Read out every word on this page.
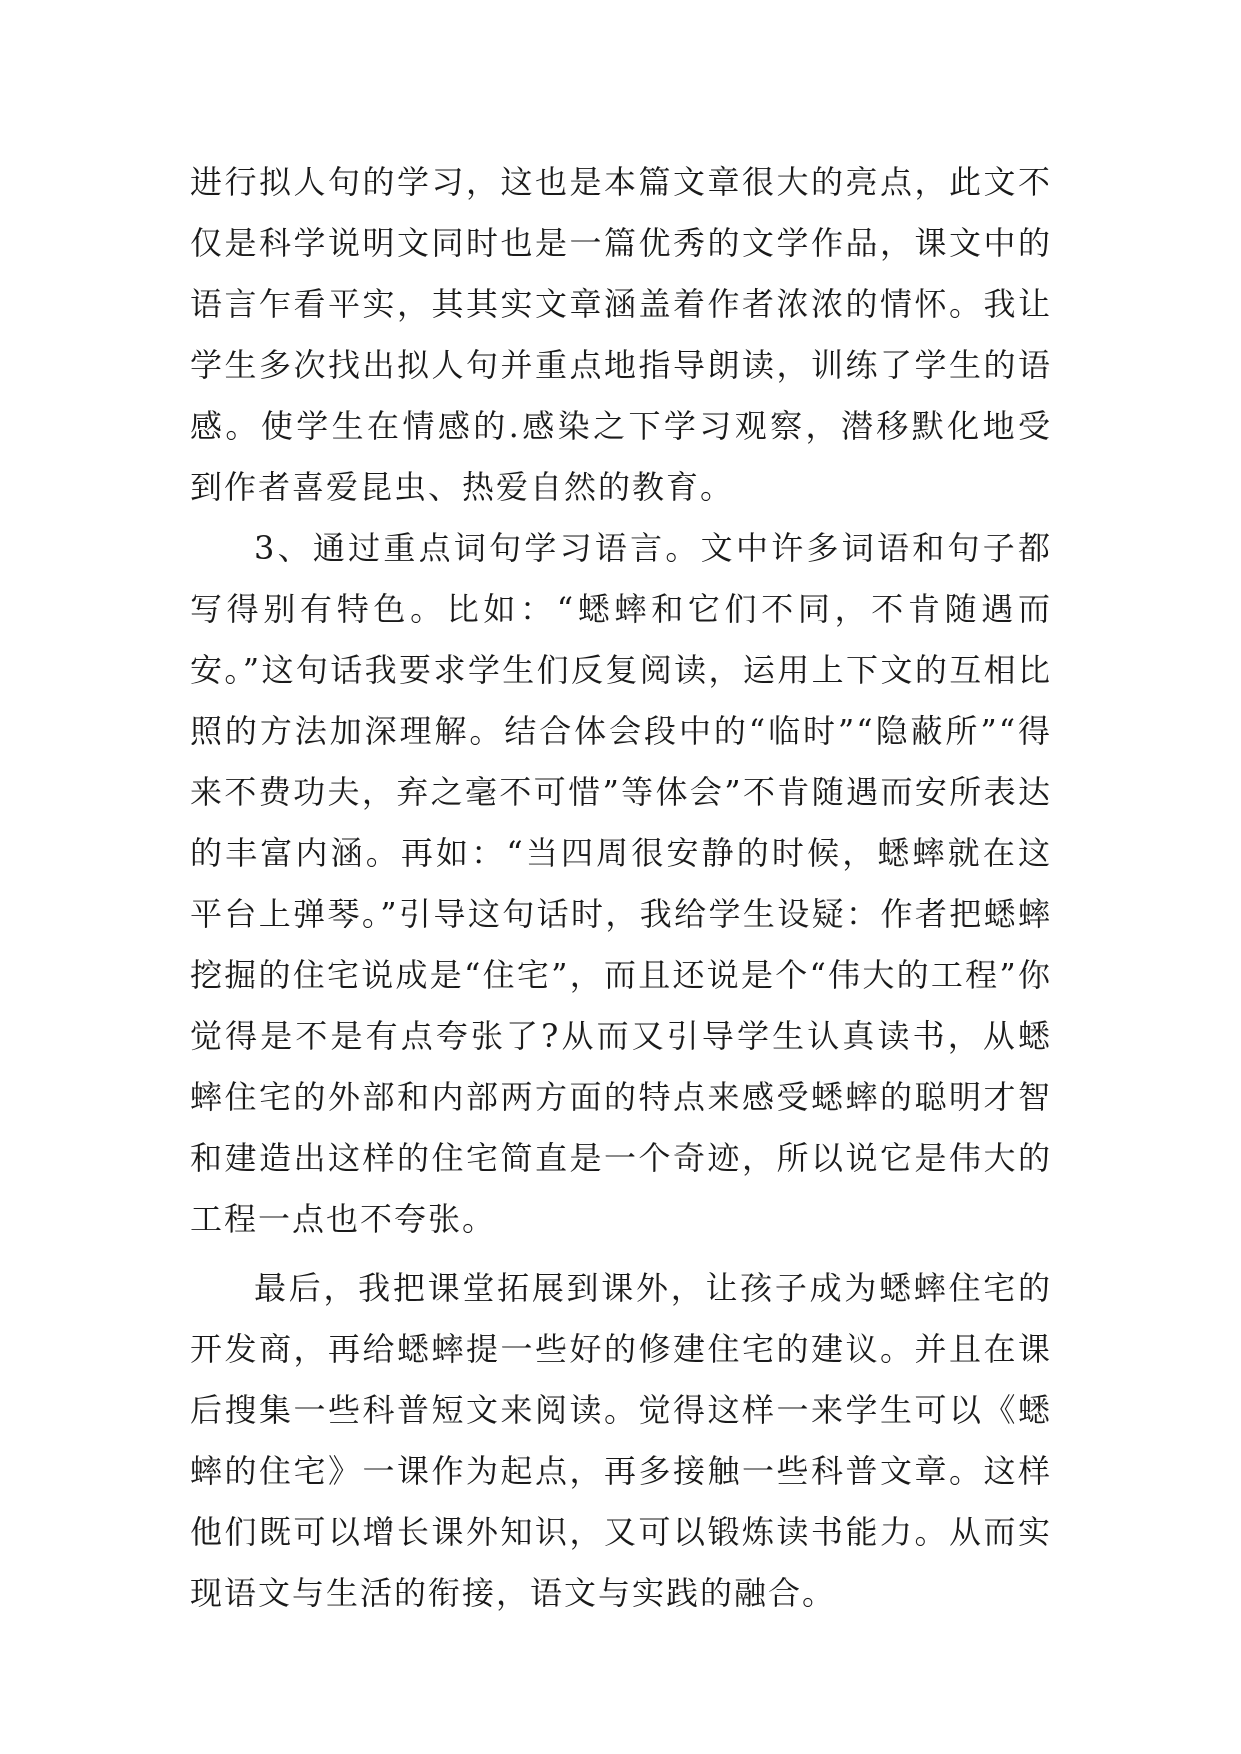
进行拟人句的学习，这也是本篇文章很大的亮点，此文不仅是科学说明文同时也是一篇优秀的文学作品，课文中的语言乍看平实，其其实文章涵盖着作者浓浓的情怀。我让学生多次找出拟人句并重点地指导朗读，训练了学生的语感。使学生在情感的.感染之下学习观察，潜移默化地受到作者喜爱昆虫、热爱自然的教育。

3、通过重点词句学习语言。文中许多词语和句子都写得别有特色。比如：“蟋蟀和它们不同，不肯随遇而安。”这句话我要求学生们反复阅读，运用上下文的互相比照的方法加深理解。结合体会段中的“临时”“隐蔽所”“得来不费功夫，弃之毫不可惜”等体会”不肯随遇而安所表达的丰富内涵。再如：“当四周很安静的时候，蟋蟀就在这平台上弹琴。”引导这句话时，我给学生设疑：作者把蟋蟀挖掘的住宅说成是“住宅”，而且还说是个“伟大的工程”你觉得是不是有点夸张了?从而又引导学生认真读书，从蟋蟀住宅的外部和内部两方面的特点来感受蟋蟀的聪明才智和建造出这样的住宅简直是一个奇迹，所以说它是伟大的工程一点也不夸张。

最后，我把课堂拓展到课外，让孩子成为蟋蟀住宅的开发商，再给蟋蟀提一些好的修建住宅的建议。并且在课后搜集一些科普短文来阅读。觉得这样一来学生可以《蟋蟀的住宅》一课作为起点，再多接触一些科普文章。这样他们既可以增长课外知识，又可以锻炼读书能力。从而实现语文与生活的衔接，语文与实践的融合。
